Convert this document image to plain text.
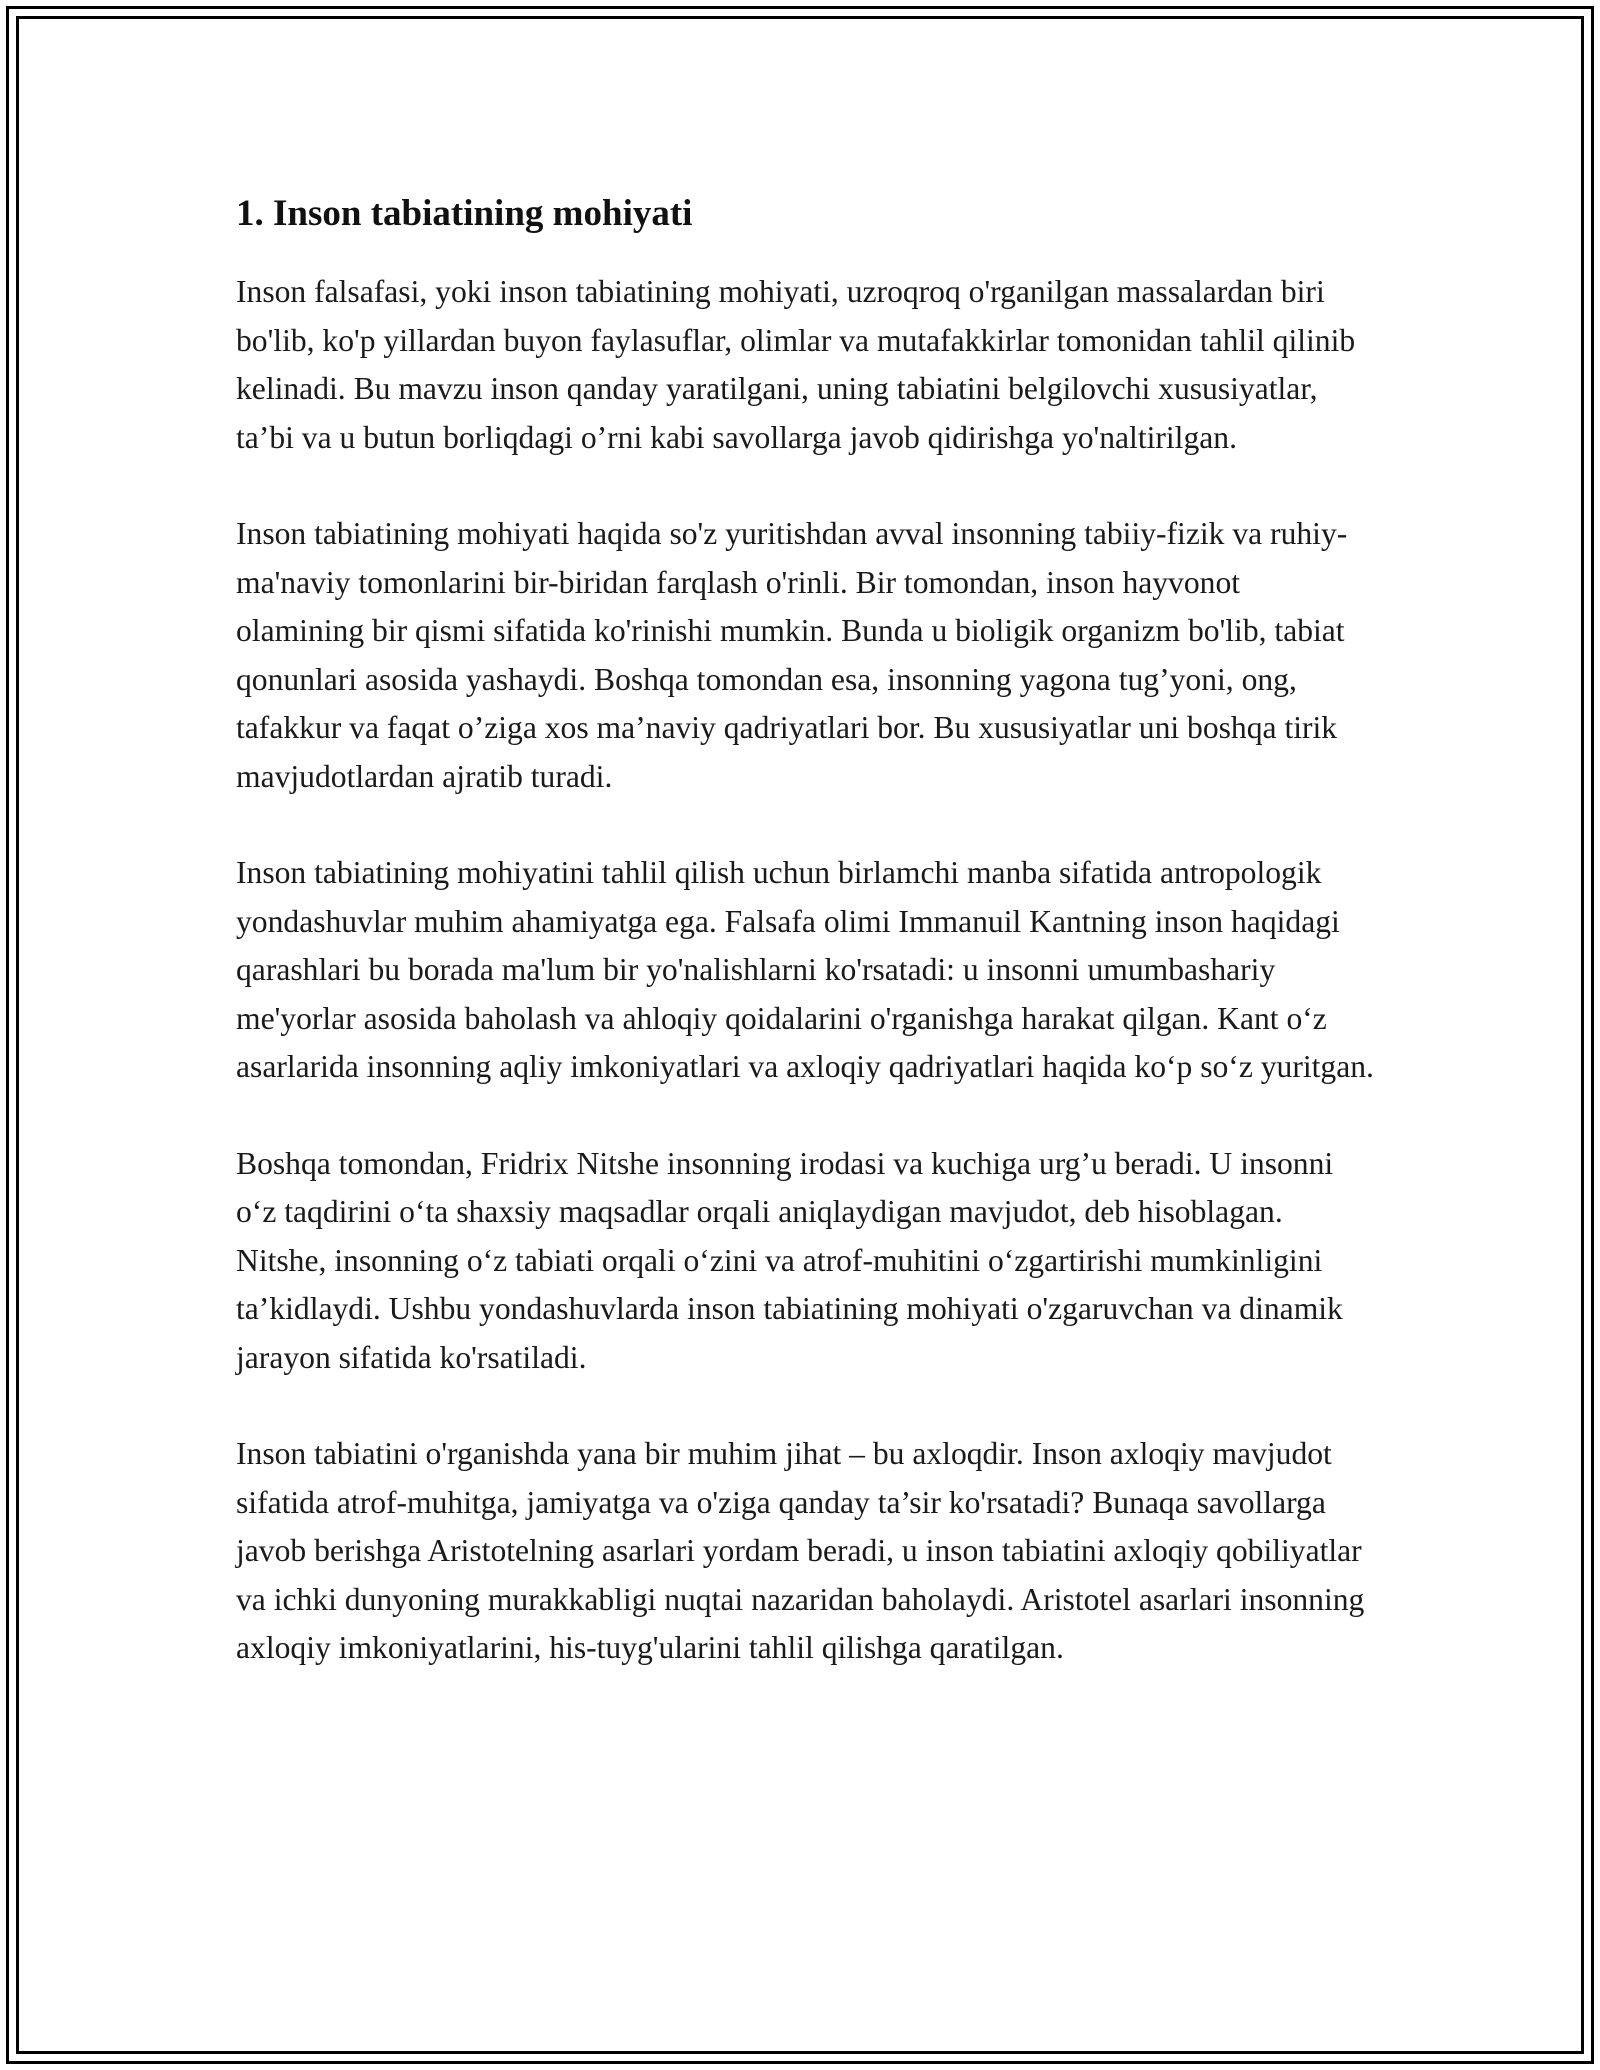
1. Inson tabiatining mohiyati

Inson falsafasi, yoki inson tabiatining mohiyati, uzroqroq o'rganilgan massalardan biri bo'lib, ko'p yillardan buyon faylasuflar, olimlar va mutafakkirlar tomonidan tahlil qilinib kelinadi. Bu mavzu inson qanday yaratilgani, uning tabiatini belgilovchi xususiyatlar, ta’bi va u butun borliqdagi o’rni kabi savollarga javob qidirishga yo'naltirilgan.

Inson tabiatining mohiyati haqida so'z yuritishdan avval insonning tabiiy-fizik va ruhiy-ma'naviy tomonlarini bir-biridan farqlash o'rinli. Bir tomondan, inson hayvonot olamining bir qismi sifatida ko'rinishi mumkin. Bunda u bioligik organizm bo'lib, tabiat qonunlari asosida yashaydi. Boshqa tomondan esa, insonning yagona tug’yoni, ong, tafakkur va faqat o’ziga xos ma’naviy qadriyatlari bor. Bu xususiyatlar uni boshqa tirik mavjudotlardan ajratib turadi.

Inson tabiatining mohiyatini tahlil qilish uchun birlamchi manba sifatida antropologik yondashuvlar muhim ahamiyatga ega. Falsafa olimi Immanuil Kantning inson haqidagi qarashlari bu borada ma'lum bir yo'nalishlarni ko'rsatadi: u insonni umumbashariy me'yorlar asosida baholash va ahloqiy qoidalarini o'rganishga harakat qilgan. Kant o‘z asarlarida insonning aqliy imkoniyatlari va axloqiy qadriyatlari haqida ko‘p so‘z yuritgan.

Boshqa tomondan, Fridrix Nitshe insonning irodasi va kuchiga urg’u beradi. U insonni o‘z taqdirini o‘ta shaxsiy maqsadlar orqali aniqlaydigan mavjudot, deb hisoblagan. Nitshe, insonning o‘z tabiati orqali o‘zini va atrof-muhitini o‘zgartirishi mumkinligini ta’kidlaydi. Ushbu yondashuvlarda inson tabiatining mohiyati o'zgaruvchan va dinamik jarayon sifatida ko'rsatiladi.

Inson tabiatini o'rganishda yana bir muhim jihat – bu axloqdir. Inson axloqiy mavjudot sifatida atrof-muhitga, jamiyatga va o'ziga qanday ta’sir ko'rsatadi? Bunaqa savollarga javob berishga Aristotelning asarlari yordam beradi, u inson tabiatini axloqiy qobiliyatlar va ichki dunyoning murakkabligi nuqtai nazaridan baholaydi. Aristotel asarlari insonning axloqiy imkoniyatlarini, his-tuyg'ularini tahlil qilishga qaratilgan.
